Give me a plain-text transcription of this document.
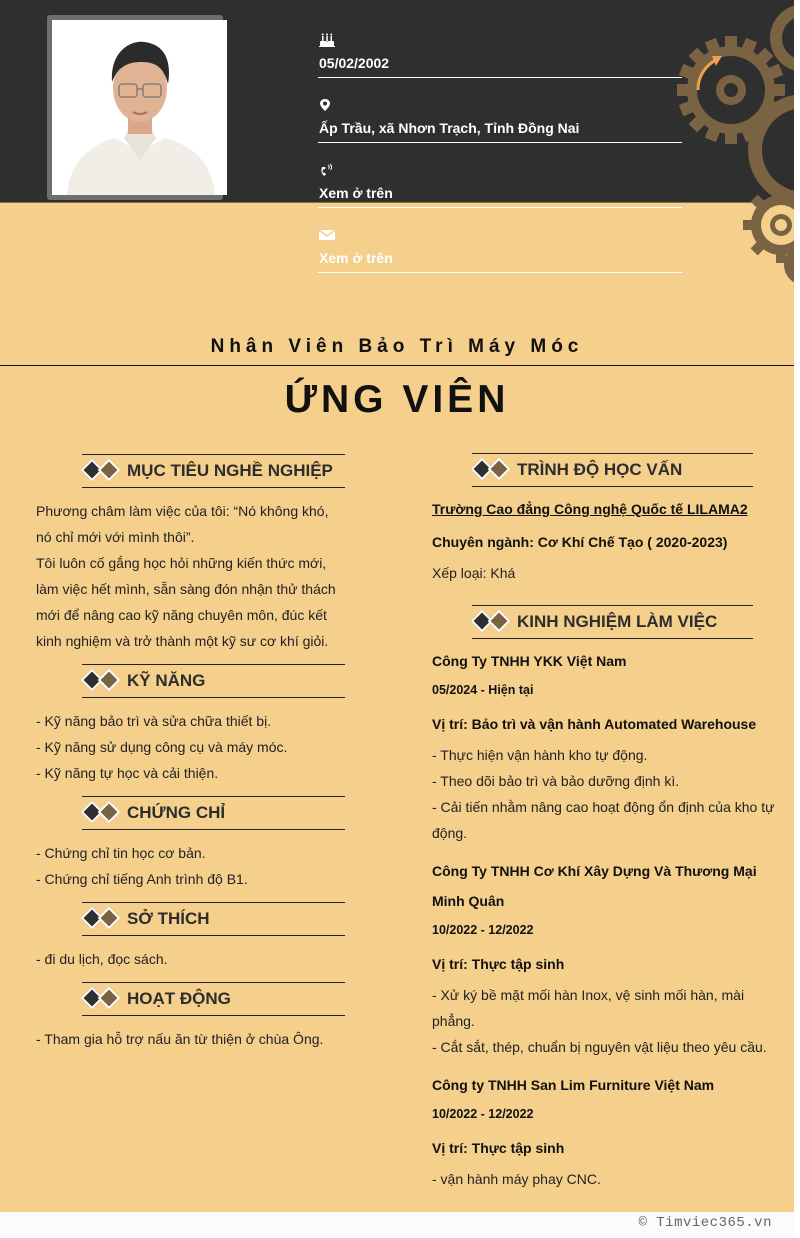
05/02/2002
Ấp Trầu, xã Nhơn Trạch, Tỉnh Đồng Nai
Xem ở trên
Xem ở trên
Nhân Viên Bảo Trì Máy Móc
ỨNG VIÊN
MỤC TIÊU NGHỀ NGHIỆP
Phương châm làm việc của tôi: “Nó không khó, nó chỉ mới với mình thôi”.
Tôi luôn cố gắng học hỏi những kiến thức mới, làm việc hết mình, sẵn sàng đón nhận thử thách mới để nâng cao kỹ năng chuyên môn, đúc kết kinh nghiệm và trở thành một kỹ sư cơ khí giỏi.
KỸ NĂNG
- Kỹ năng bảo trì và sửa chữa thiết bị.
- Kỹ năng sử dụng công cụ và máy móc.
- Kỹ năng tự học và cải thiện.
CHỨNG CHỈ
- Chứng chỉ tin học cơ bản.
- Chứng chỉ tiếng Anh trình độ B1.
SỞ THÍCH
- đi du lịch, đọc sách.
HOẠT ĐỘNG
- Tham gia hỗ trợ nấu ăn từ thiện ở chùa Ông.
TRÌNH ĐỘ HỌC VẤN
Trường Cao đẳng Công nghệ Quốc tế LILAMA2
Chuyên ngành: Cơ Khí Chế Tạo ( 2020-2023)
Xếp loại: Khá
KINH NGHIỆM LÀM VIỆC
Công Ty TNHH YKK Việt Nam
05/2024 - Hiện tại
Vị trí: Bảo trì và vận hành Automated Warehouse
- Thực hiện vận hành kho tự động.
- Theo dõi bảo trì và bảo dưỡng định kì.
- Cải tiến nhằm nâng cao hoạt động ổn định của kho tự động.
Công Ty TNHH Cơ Khí Xây Dựng Và Thương Mại Minh Quân
10/2022 - 12/2022
Vị trí: Thực tập sinh
- Xử ký bề mặt mối hàn Inox, vệ sinh mối hàn, mài phẳng.
- Cắt sắt, thép, chuẩn bị nguyên vật liệu theo yêu cầu.
Công ty TNHH San Lim Furniture Việt Nam
10/2022 - 12/2022
Vị trí: Thực tập sinh
- vận hành máy phay CNC.
© Timviec365.vn
